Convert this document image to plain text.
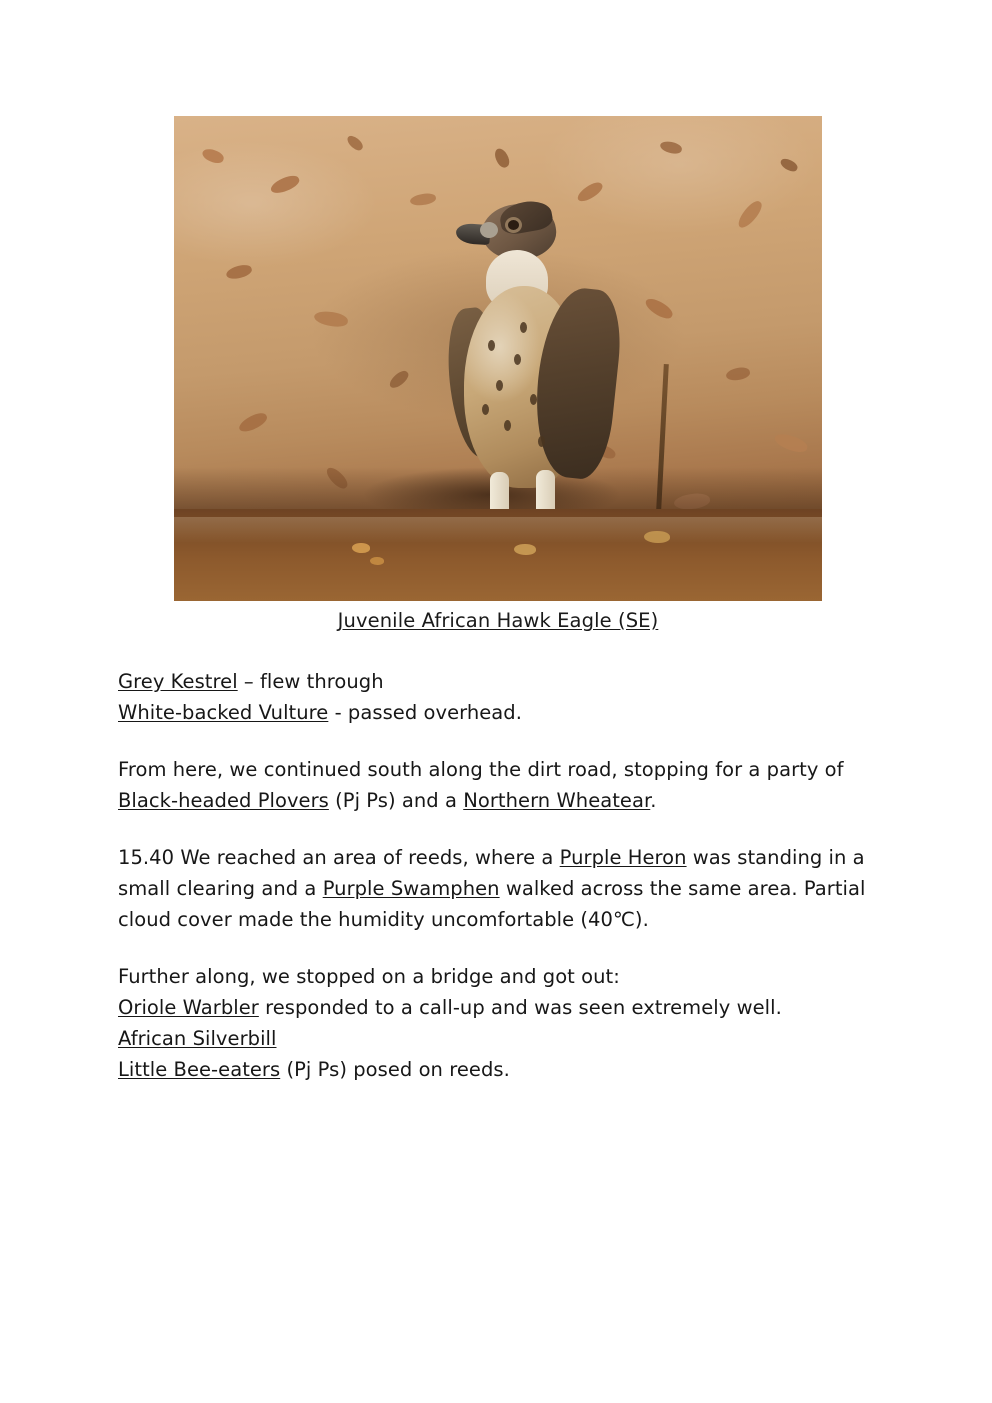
Juvenile African Hawk Eagle (SE)

Grey Kestrel – flew through
White-backed Vulture - passed overhead.

From here, we continued south along the dirt road, stopping for a party of Black-headed Plovers (Pj Ps) and a Northern Wheatear.

15.40 We reached an area of reeds, where a Purple Heron was standing in a small clearing and a Purple Swamphen walked across the same area. Partial cloud cover made the humidity uncomfortable (40℃).

Further along, we stopped on a bridge and got out:
Oriole Warbler responded to a call-up and was seen extremely well.
African Silverbill
Little Bee-eaters (Pj Ps) posed on reeds.
